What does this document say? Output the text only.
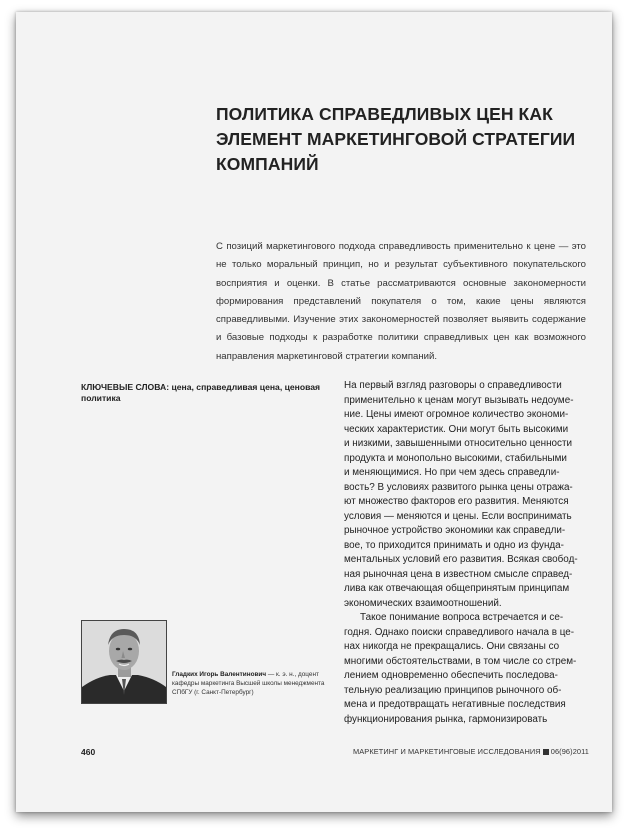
ПОЛИТИКА СПРАВЕДЛИВЫХ ЦЕН КАК
ЭЛЕМЕНТ МАРКЕТИНГОВОЙ СТРАТЕГИИ
КОМПАНИЙ

С позиций маркетингового подхода справедливость применительно к цене — это не только моральный принцип, но и результат субъективного покупательского восприятия и оценки. В статье рассматриваются основные закономерности формирования представлений покупателя о том, какие цены являются справедливыми. Изучение этих закономерностей позволяет выявить содержание и базовые подходы к разработке политики справедливых цен как возможного направления маркетинговой стратегии компаний.

КЛЮЧЕВЫЕ СЛОВА: цена, справедливая цена, ценовая политика

На первый взгляд разговоры о справедливости
применительно к ценам могут вызывать недоуме-
ние. Цены имеют огромное количество экономи-
ческих характеристик. Они могут быть высокими
и низкими, завышенными относительно ценности
продукта и монопольно высокими, стабильными
и меняющимися. Но при чем здесь справедли-
вость? В условиях развитого рынка цены отража-
ют множество факторов его развития. Меняются
условия — меняются и цены. Если воспринимать
рыночное устройство экономики как справедли-
вое, то приходится принимать и одно из фунда-
ментальных условий его развития. Всякая свобод-
ная рыночная цена в известном смысле справед-
лива как отвечающая общепринятым принципам
экономических взаимоотношений.
Такое понимание вопроса встречается и се-
годня. Однако поиски справедливого начала в це-
нах никогда не прекращались. Они связаны со
многими обстоятельствами, в том числе со стрем-
лением одновременно обеспечить последова-
тельную реализацию принципов рыночного об-
мена и предотвращать негативные последствия
функционирования рынка, гармонизировать

Гладких Игорь Валентинович — к. э. н., доцент кафедры маркетинга Высшей школы менеджмента СПбГУ (г. Санкт-Петербург)

460	МАРКЕТИНГ И МАРКЕТИНГОВЫЕ ИССЛЕДОВАНИЯ 06(96)2011
